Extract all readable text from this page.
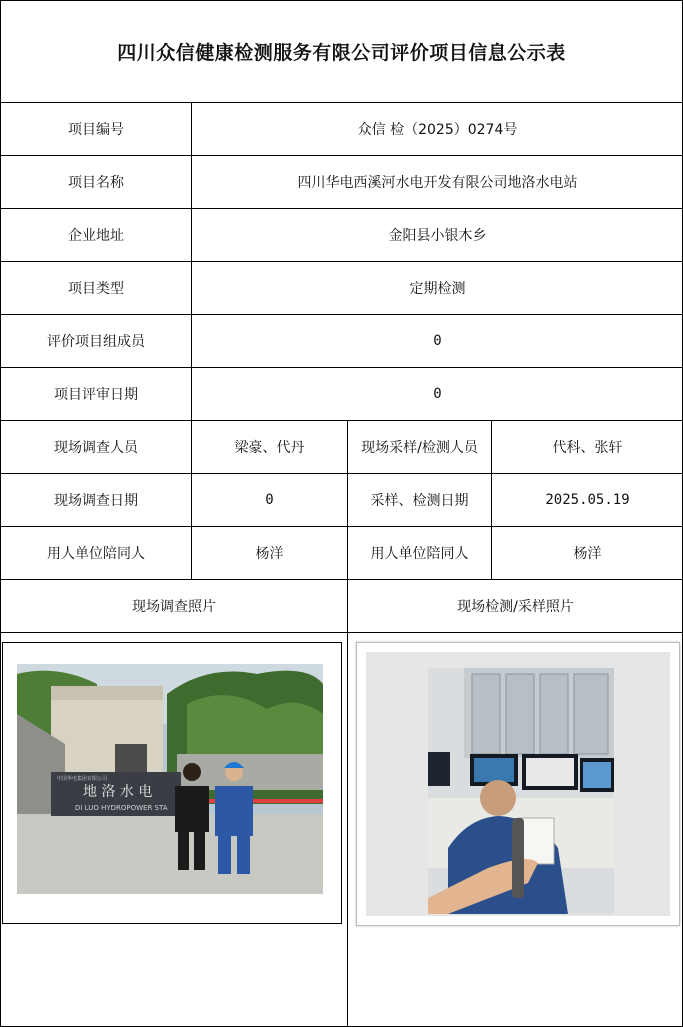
四川众信健康检测服务有限公司评价项目信息公示表
项目编号	众信 检（2025）0274号		
项目名称	四川华电西溪河水电开发有限公司地洛水电站		
企业地址	金阳县小银木乡		
项目类型	定期检测		
评价项目组成员	0		
项目评审日期	0		
现场调查人员	梁豪、代丹	现场采样/检测人员	代科、张轩
现场调查日期	0	采样、检测日期	2025.05.19
用人单位陪同人	杨洋	用人单位陪同人	杨洋
现场调查照片		现场检测/采样照片	
地 洛 水 电
DI LUO HYDROPOWER STA
中国华电集团有限公司
